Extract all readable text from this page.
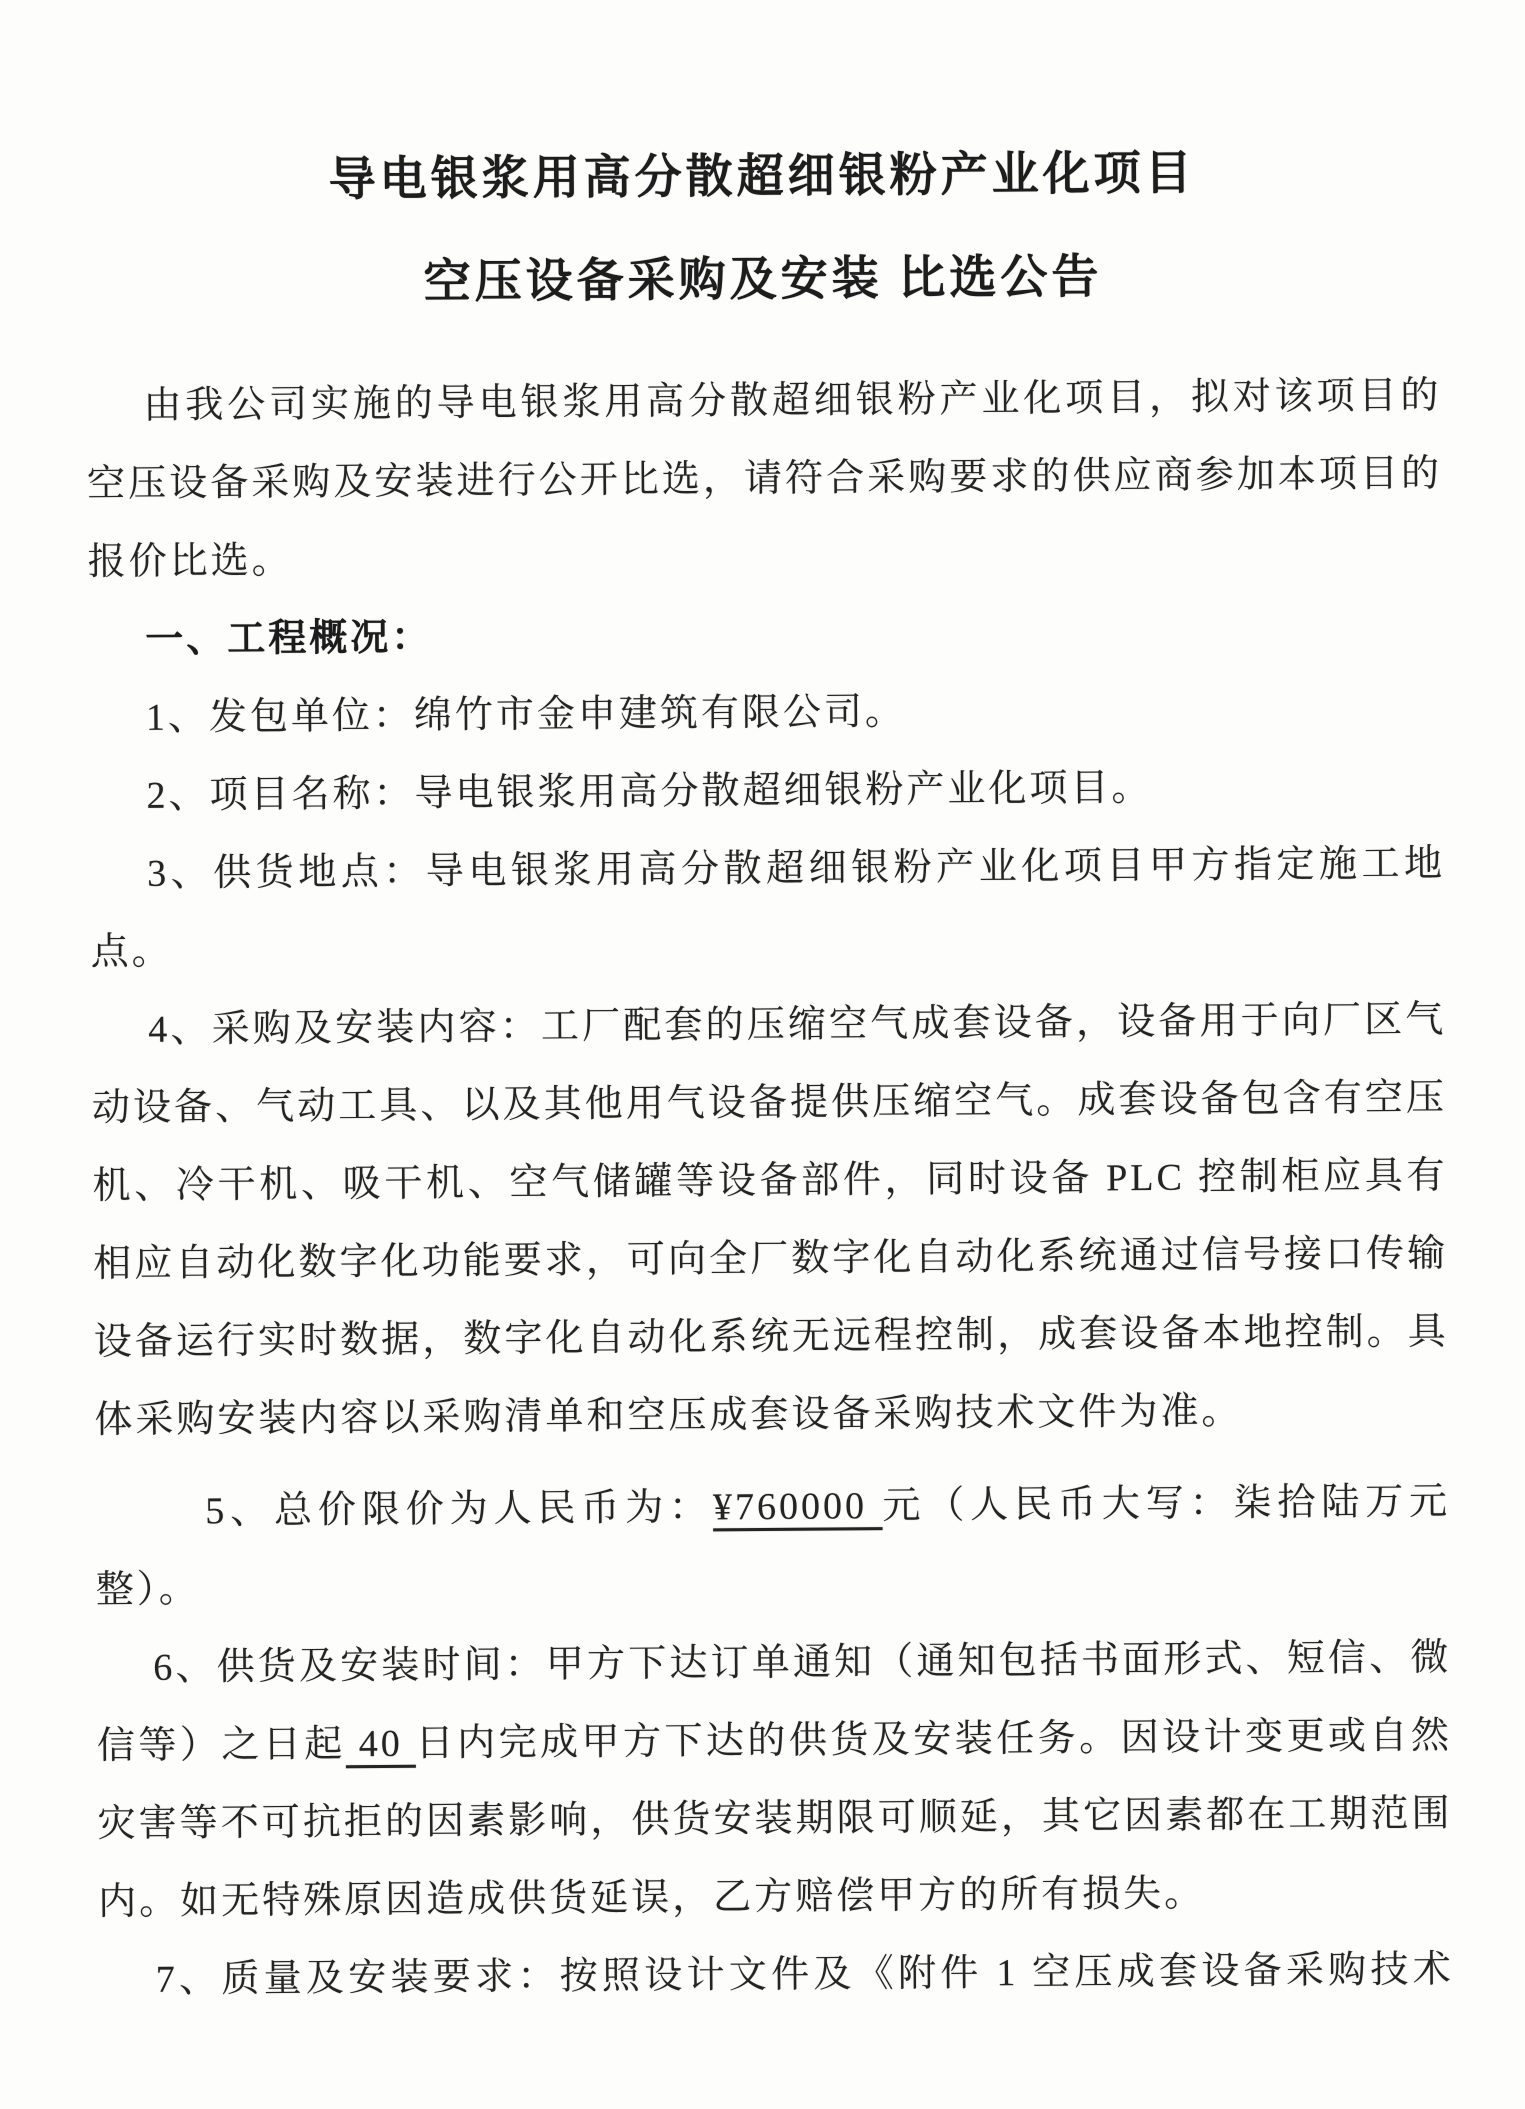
导电银浆用高分散超细银粉产业化项目
空压设备采购及安装 比选公告

由我公司实施的导电银浆用高分散超细银粉产业化项目，拟对该项目的空压设备采购及安装进行公开比选，请符合采购要求的供应商参加本项目的报价比选。

一、工程概况：

1、发包单位：绵竹市金申建筑有限公司。

2、项目名称：导电银浆用高分散超细银粉产业化项目。

3、供货地点：导电银浆用高分散超细银粉产业化项目甲方指定施工地点。

4、采购及安装内容：工厂配套的压缩空气成套设备，设备用于向厂区气动设备、气动工具、以及其他用气设备提供压缩空气。成套设备包含有空压机、冷干机、吸干机、空气储罐等设备部件，同时设备 PLC 控制柜应具有相应自动化数字化功能要求，可向全厂数字化自动化系统通过信号接口传输设备运行实时数据，数字化自动化系统无远程控制，成套设备本地控制。具体采购安装内容以采购清单和空压成套设备采购技术文件为准。

5、总价限价为人民币为：¥760000 元（人民币大写：柒拾陆万元整）。

6、供货及安装时间：甲方下达订单通知（通知包括书面形式、短信、微信等）之日起 40 日内完成甲方下达的供货及安装任务。因设计变更或自然灾害等不可抗拒的因素影响，供货安装期限可顺延，其它因素都在工期范围内。如无特殊原因造成供货延误，乙方赔偿甲方的所有损失。

7、质量及安装要求：按照设计文件及《附件 1 空压成套设备采购技术
